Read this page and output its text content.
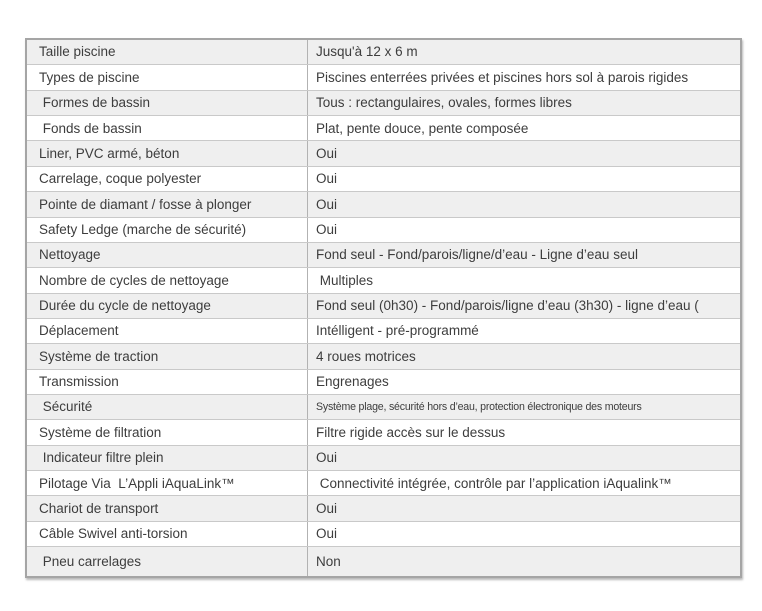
Taille piscine	Jusqu'à 12 x 6 m
Types de piscine	Piscines enterrées privées et piscines hors sol à parois rigides
Formes de bassin	Tous : rectangulaires, ovales, formes libres
Fonds de bassin	Plat, pente douce, pente composée
Liner, PVC armé, béton	Oui
Carrelage, coque polyester	Oui
Pointe de diamant / fosse à plonger	Oui
Safety Ledge (marche de sécurité)	Oui
Nettoyage	Fond seul - Fond/parois/ligne/d’eau - Ligne d’eau seul
Nombre de cycles de nettoyage	Multiples
Durée du cycle de nettoyage	Fond seul (0h30) - Fond/parois/ligne d’eau (3h30) - ligne d’eau (
Déplacement	Intélligent - pré-programmé
Système de traction	4 roues motrices
Transmission	Engrenages
Sécurité	Système plage, sécurité hors d’eau, protection électronique des moteurs
Système de filtration	Filtre rigide accès sur le dessus
Indicateur filtre plein	Oui
Pilotage Via  L’Appli iAquaLink™	Connectivité intégrée, contrôle par l’application iAqualink™
Chariot de transport	Oui
Câble Swivel anti-torsion	Oui
Pneu carrelages	Non
